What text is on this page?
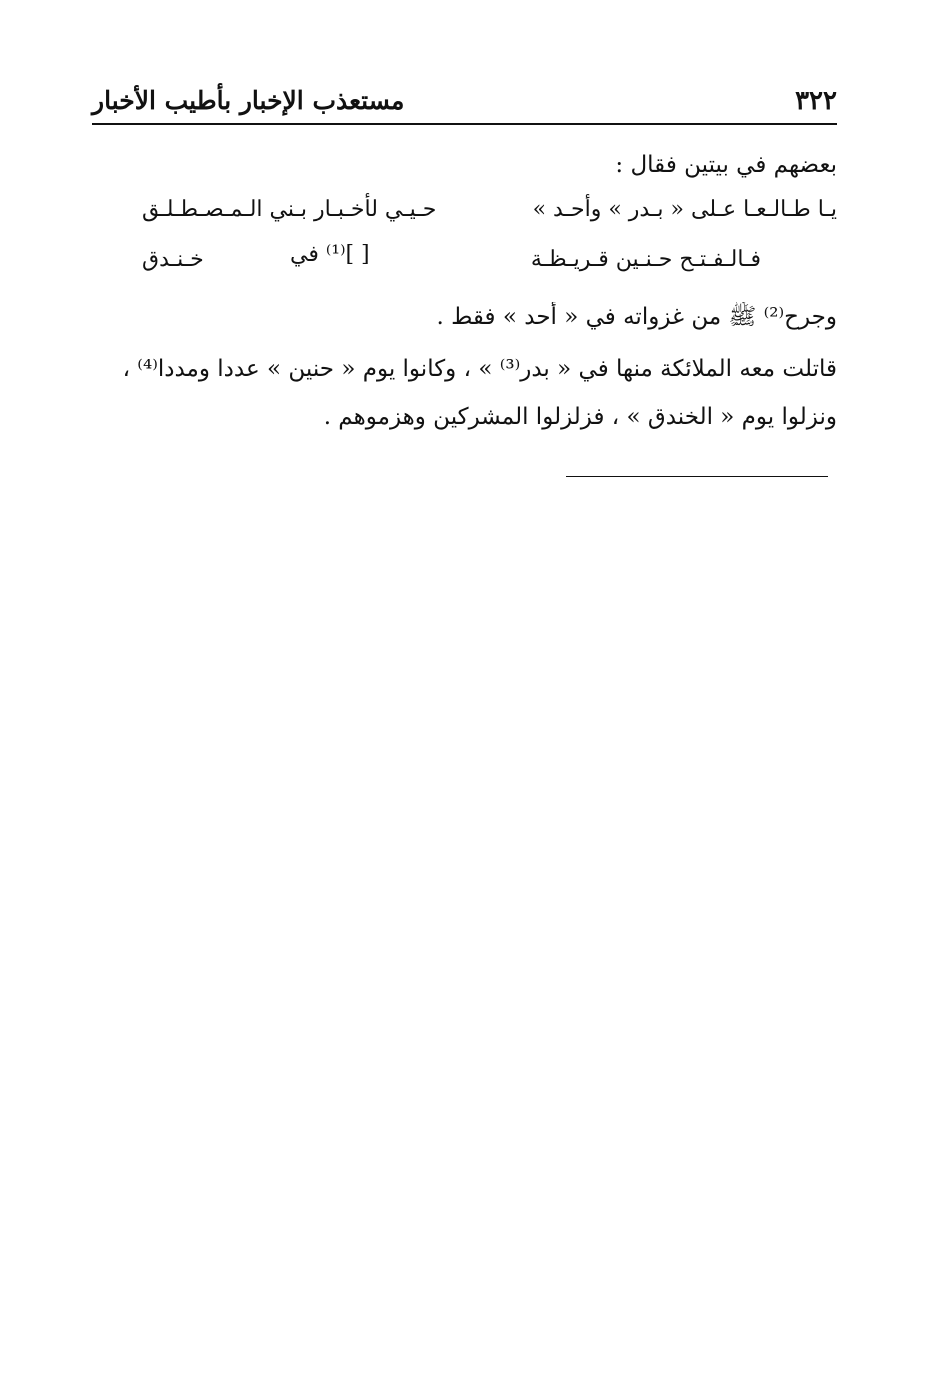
٣٢٢
مستعذب الإخبار بأطيب الأخبار
بعضهم في بيتين فقال :
يـا طـالـعـا عـلى « بـدر » وأحـد »
حـيـي لأخـبـار بـني الـمـصـطـلـق
فـالـفـتـح حـنـين قـريـظـة
[ ]⁽¹⁾ في
خـنـدق
وجرح⁽²⁾ ﷺ من غزواته في « أحد » فقط .
قاتلت معه الملائكة منها في « بدر⁽³⁾ » ، وكانوا يوم « حنين » عددا ومددا⁽⁴⁾ ،
ونزلوا يوم « الخندق » ، فزلزلوا المشركين وهزموهم .
